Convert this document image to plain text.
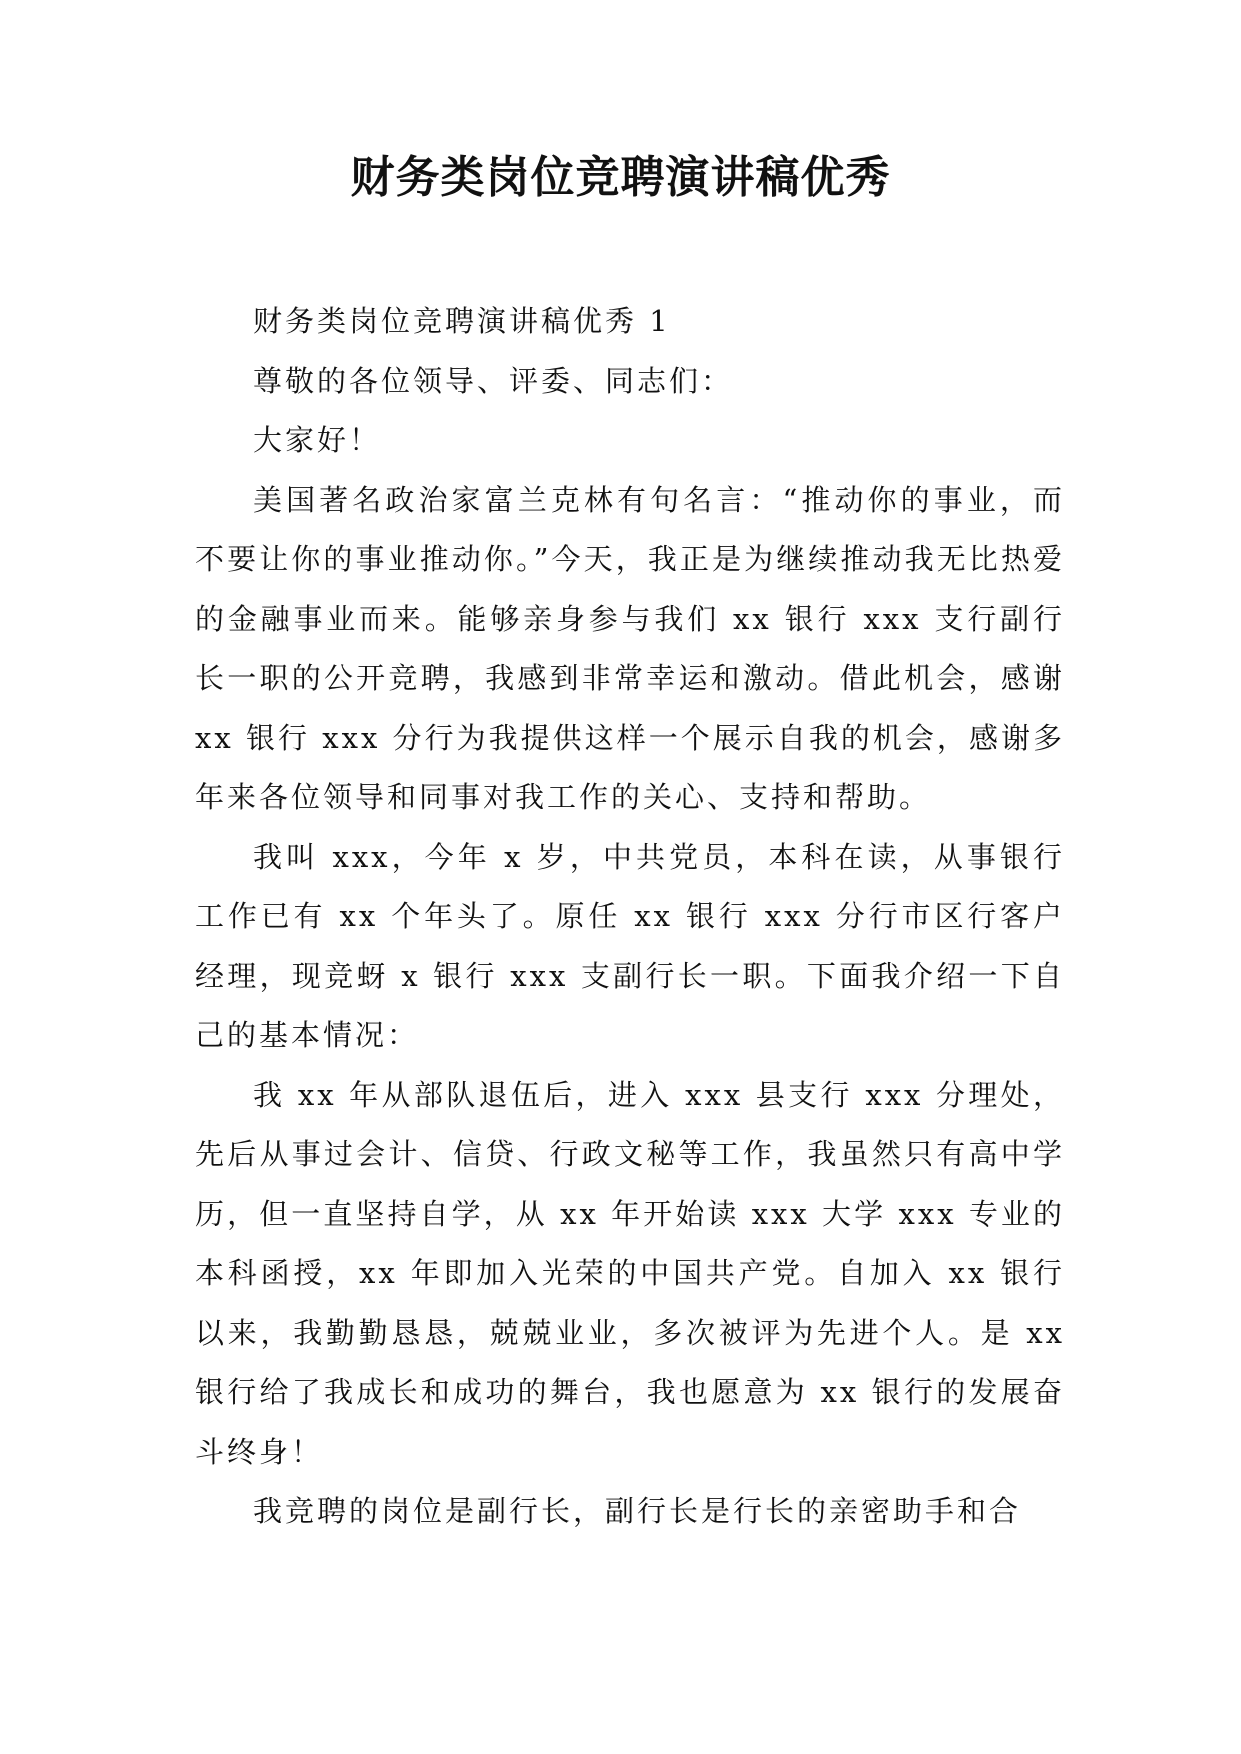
财务类岗位竞聘演讲稿优秀

财务类岗位竞聘演讲稿优秀 1

尊敬的各位领导、评委、同志们：

大家好！

美国著名政治家富兰克林有句名言：“推动你的事业，而不要让你的事业推动你。”今天，我正是为继续推动我无比热爱的金融事业而来。能够亲身参与我们 xx 银行 xxx 支行副行长一职的公开竞聘，我感到非常幸运和激动。借此机会，感谢 xx 银行 xxx 分行为我提供这样一个展示自我的机会，感谢多年来各位领导和同事对我工作的关心、支持和帮助。

我叫 xxx，今年 x 岁，中共党员，本科在读，从事银行工作已有 xx 个年头了。原任 xx 银行 xxx 分行市区行客户经理，现竞蚜 x 银行 xxx 支副行长一职。下面我介绍一下自己的基本情况：

我 xx 年从部队退伍后，进入 xxx 县支行 xxx 分理处，先后从事过会计、信贷、行政文秘等工作，我虽然只有高中学历，但一直坚持自学，从 xx 年开始读 xxx 大学 xxx 专业的本科函授，xx 年即加入光荣的中国共产党。自加入 xx 银行以来，我勤勤恳恳，兢兢业业，多次被评为先进个人。是 xx 银行给了我成长和成功的舞台，我也愿意为 xx 银行的发展奋斗终身！

我竞聘的岗位是副行长，副行长是行长的亲密助手和合
